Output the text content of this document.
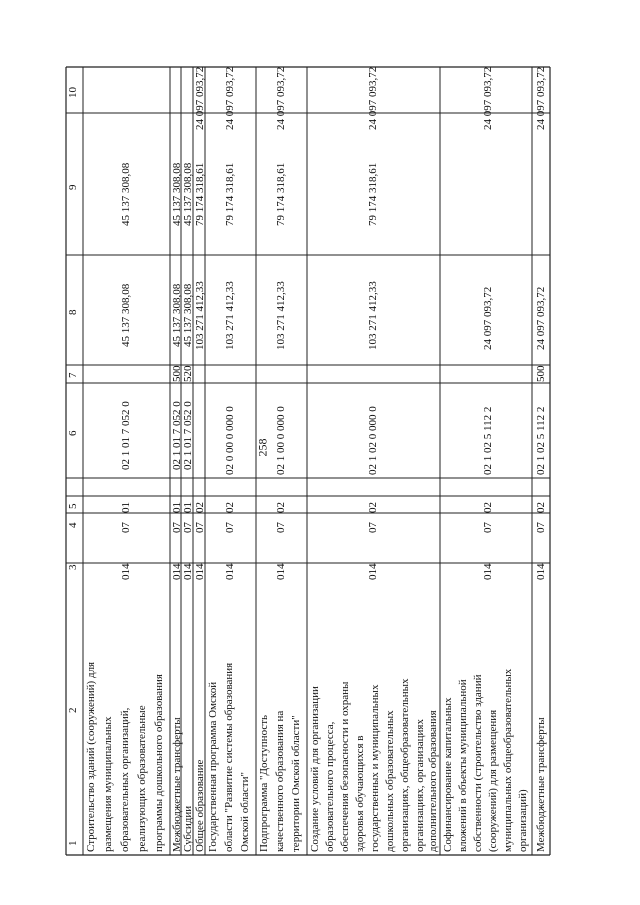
258
1
2
3
4
5
6
7
8
9
10
Строительство зданий (сооружений) для размещения муниципальных образовательных организаций, реализующих образовательные программы дошкольного образования
014
07
01
02 1 01 7 052 0
45 137 308,08
45 137 308,08
Межбюджетные трансферты
014
07
01
02 1 01 7 052 0
500
45 137 308,08
45 137 308,08
Субсидии
014
07
01
02 1 01 7 052 0
520
45 137 308,08
45 137 308,08
Общее образование
014
07
02
103 271 412,33
79 174 318,61
24 097 093,72
Государственная программа Омской области "Развитие системы образования Омской области"
014
07
02
02 0 00 0 000 0
103 271 412,33
79 174 318,61
24 097 093,72
Подпрограмма "Доступность качественного образования на территории Омской области"
014
07
02
02 1 00 0 000 0
103 271 412,33
79 174 318,61
24 097 093,72
Создание условий для организации образовательного процесса, обеспечения безопасности и охраны здоровья обучающихся в государственных и муниципальных дошкольных образовательных организациях, общеобразовательных организациях, организациях дополнительного образования
014
07
02
02 1 02 0 000 0
103 271 412,33
79 174 318,61
24 097 093,72
Софинансирование капитальных вложений в объекты муниципальной собственности (строительство зданий (сооружений) для размещения муниципальных общеобразовательных организаций)
014
07
02
02 1 02 5 112 2
24 097 093,72
24 097 093,72
Межбюджетные трансферты
014
07
02
02 1 02 5 112 2
500
24 097 093,72
24 097 093,72
